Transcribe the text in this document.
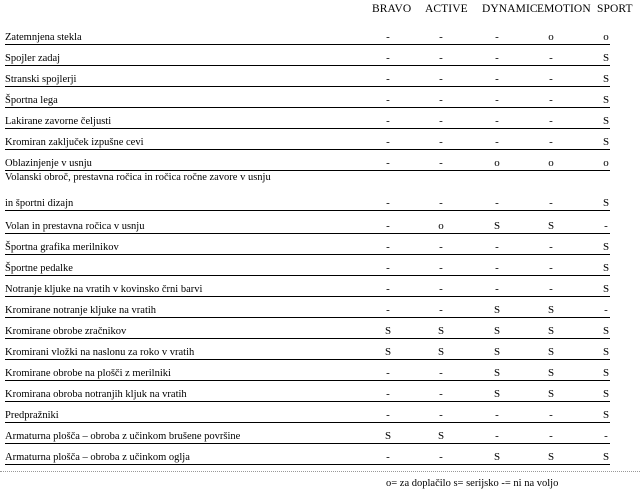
BRAVO ACTIVE DYNAMIC EMOTION SPORT
Zatemnjena stekla	-	-	-	o	o
Spojler zadaj	-	-	-	-	S
Stranski spojlerji	-	-	-	-	S
Športna lega	-	-	-	-	S
Lakirane zavorne čeljusti	-	-	-	-	S
Kromiran zaključek izpušne cevi	-	-	-	-	S
Oblazinjenje v usnju	-	-	o	o	o
Volanski obroč, prestavna ročica in ročica ročne zavore v usnju
in športni dizajn	-	-	-	-	S
Volan in prestavna ročica v usnju	-	o	S	S	-
Športna grafika merilnikov	-	-	-	-	S
Športne pedalke	-	-	-	-	S
Notranje kljuke na vratih v kovinsko črni barvi	-	-	-	-	S
Kromirane notranje kljuke na vratih	-	-	S	S	-
Kromirane obrobe zračnikov	S	S	S	S	S
Kromirani vložki na naslonu za roko v vratih	S	S	S	S	S
Kromirane obrobe na plošči z merilniki	-	-	S	S	S
Kromirana obroba notranjih kljuk na vratih	-	-	S	S	S
Predpražniki	-	-	-	-	S
Armaturna plošča – obroba z učinkom brušene površine	S	S	-	-	-
Armaturna plošča – obroba z učinkom oglja	-	-	S	S	S
o= za doplačilo s= serijsko -= ni na voljo
